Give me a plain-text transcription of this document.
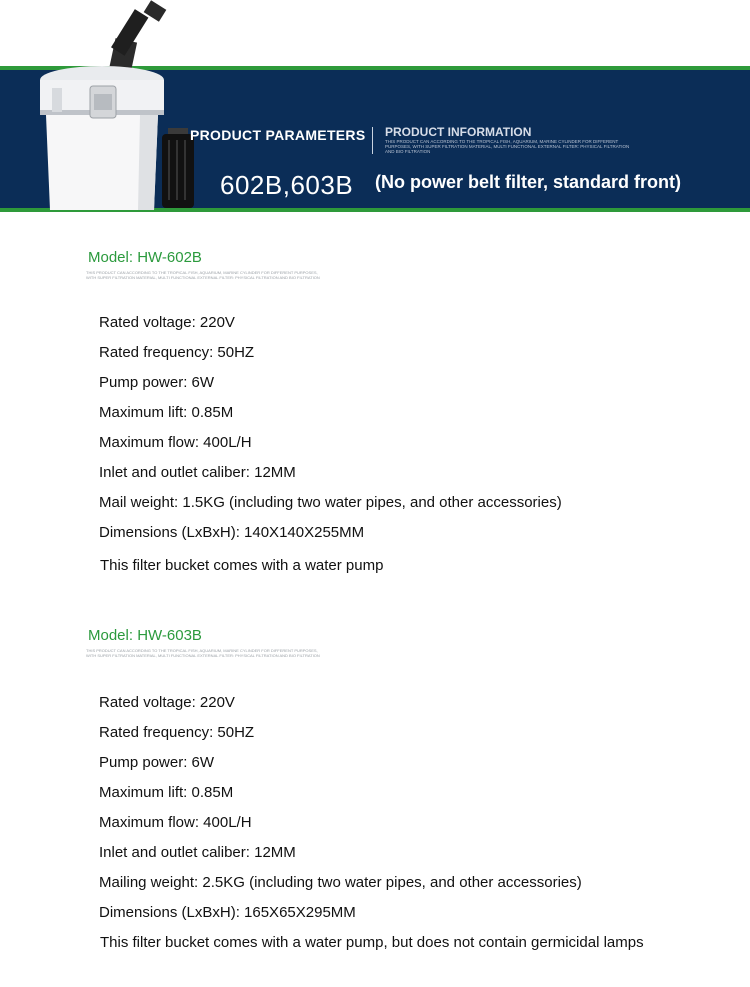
PRODUCT PARAMETERS PRODUCT INFORMATION
THIS PRODUCT CAN ACCORDING TO THE TROPICAL FISH, AQUARIUM, MARINE CYLINDER FOR DIFFERENT PURPOSES, WITH SUPER FILTRATION MATERIAL, MULTI FUNCTIONAL EXTERNAL FILTER: PHYSICAL FILTRATION AND BIO FILTRATION
602B,603B (No power belt filter, standard front)
Model: HW-602B
THIS PRODUCT CAN ACCORDING TO THE TROPICAL FISH, AQUARIUM, MARINE CYLINDER FOR DIFFERENT PURPOSES, WITH SUPER FILTRATION MATERIAL, MULTI FUNCTIONAL EXTERNAL FILTER: PHYSICAL FILTRATION AND BIO FILTRATION
Rated voltage: 220V
Rated frequency: 50HZ
Pump power: 6W
Maximum lift: 0.85M
Maximum flow: 400L/H
Inlet and outlet caliber: 12MM
Mail weight: 1.5KG (including two water pipes, and other accessories)
Dimensions (LxBxH): 140X140X255MM
This filter bucket comes with a water pump
Model: HW-603B
THIS PRODUCT CAN ACCORDING TO THE TROPICAL FISH, AQUARIUM, MARINE CYLINDER FOR DIFFERENT PURPOSES, WITH SUPER FILTRATION MATERIAL, MULTI FUNCTIONAL EXTERNAL FILTER: PHYSICAL FILTRATION AND BIO FILTRATION
Rated voltage: 220V
Rated frequency: 50HZ
Pump power: 6W
Maximum lift: 0.85M
Maximum flow: 400L/H
Inlet and outlet caliber: 12MM
Mailing weight: 2.5KG (including two water pipes, and other accessories)
Dimensions (LxBxH): 165X65X295MM
This filter bucket comes with a water pump, but does not contain germicidal lamps
